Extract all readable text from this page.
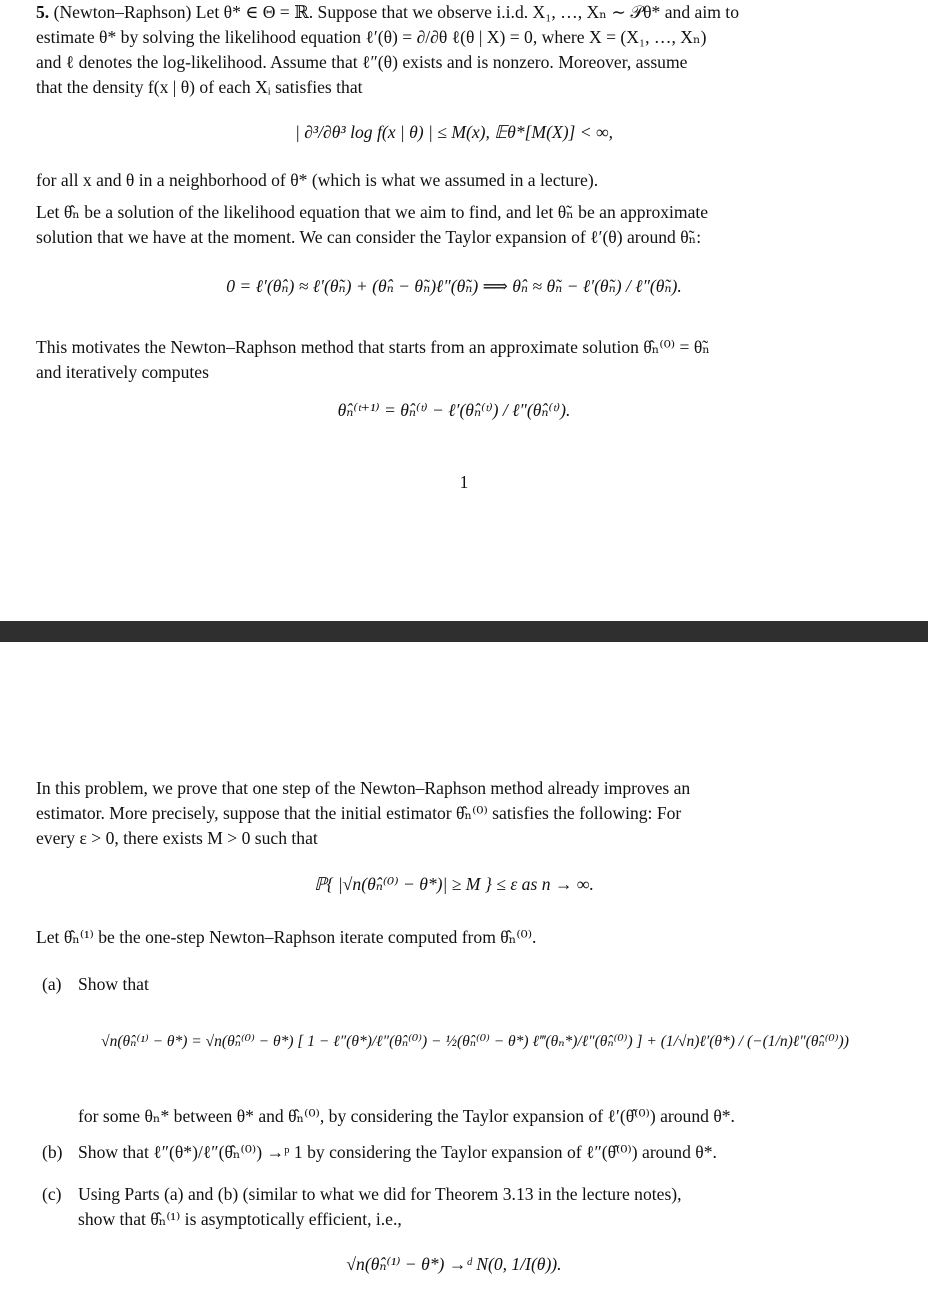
5. (Newton–Raphson) Let θ* ∈ Θ = ℝ. Suppose that we observe i.i.d. X₁, …, Xₙ ∼ 𝒫θ* and aim to
estimate θ* by solving the likelihood equation ℓ′(θ) = ∂/∂θ ℓ(θ | X) = 0, where X = (X₁, …, Xₙ)
and ℓ denotes the log-likelihood. Assume that ℓ″(θ) exists and is nonzero. Moreover, assume
that the density f(x | θ) of each Xᵢ satisfies that
| ∂³/∂θ³ log f(x | θ) | ≤ M(x), 𝔼θ*[M(X)] < ∞,
for all x and θ in a neighborhood of θ* (which is what we assumed in a lecture).
Let θ̂ₙ be a solution of the likelihood equation that we aim to find, and let θ̃ₙ be an approximate
solution that we have at the moment. We can consider the Taylor expansion of ℓ′(θ) around θ̃ₙ:
0 = ℓ′(θ̂ₙ) ≈ ℓ′(θ̃ₙ) + (θ̂ₙ − θ̃ₙ)ℓ″(θ̃ₙ) ⟹ θ̂ₙ ≈ θ̃ₙ − ℓ′(θ̃ₙ) / ℓ″(θ̃ₙ).
This motivates the Newton–Raphson method that starts from an approximate solution θ̂ₙ⁽⁰⁾ = θ̃ₙ
and iteratively computes
θ̂ₙ⁽ᵗ⁺¹⁾ = θ̂ₙ⁽ᵗ⁾ − ℓ′(θ̂ₙ⁽ᵗ⁾) / ℓ″(θ̂ₙ⁽ᵗ⁾).
1
In this problem, we prove that one step of the Newton–Raphson method already improves an
estimator. More precisely, suppose that the initial estimator θ̂ₙ⁽⁰⁾ satisfies the following: For
every ε > 0, there exists M > 0 such that
ℙ{ |√n(θ̂ₙ⁽⁰⁾ − θ*)| ≥ M } ≤ ε as n → ∞.
Let θ̂ₙ⁽¹⁾ be the one-step Newton–Raphson iterate computed from θ̂ₙ⁽⁰⁾.
(a) Show that
√n(θ̂ₙ⁽¹⁾ − θ*) = √n(θ̂ₙ⁽⁰⁾ − θ*) [ 1 − ℓ″(θ*)/ℓ″(θ̂ₙ⁽⁰⁾) − ½(θ̂ₙ⁽⁰⁾ − θ*) ℓ‴(θₙ*)/ℓ″(θ̂ₙ⁽⁰⁾) ] + (1/√n)ℓ′(θ*) / (−(1/n)ℓ″(θ̂ₙ⁽⁰⁾))
for some θₙ* between θ* and θ̂ₙ⁽⁰⁾, by considering the Taylor expansion of ℓ′(θ̂⁽⁰⁾) around θ*.
(b) Show that ℓ″(θ*)/ℓ″(θ̂ₙ⁽⁰⁾) →ᵖ 1 by considering the Taylor expansion of ℓ″(θ̂⁽⁰⁾) around θ*.
(c) Using Parts (a) and (b) (similar to what we did for Theorem 3.13 in the lecture notes),
show that θ̂ₙ⁽¹⁾ is asymptotically efficient, i.e.,
√n(θ̂ₙ⁽¹⁾ − θ*) →ᵈ N(0, 1/I(θ)).
